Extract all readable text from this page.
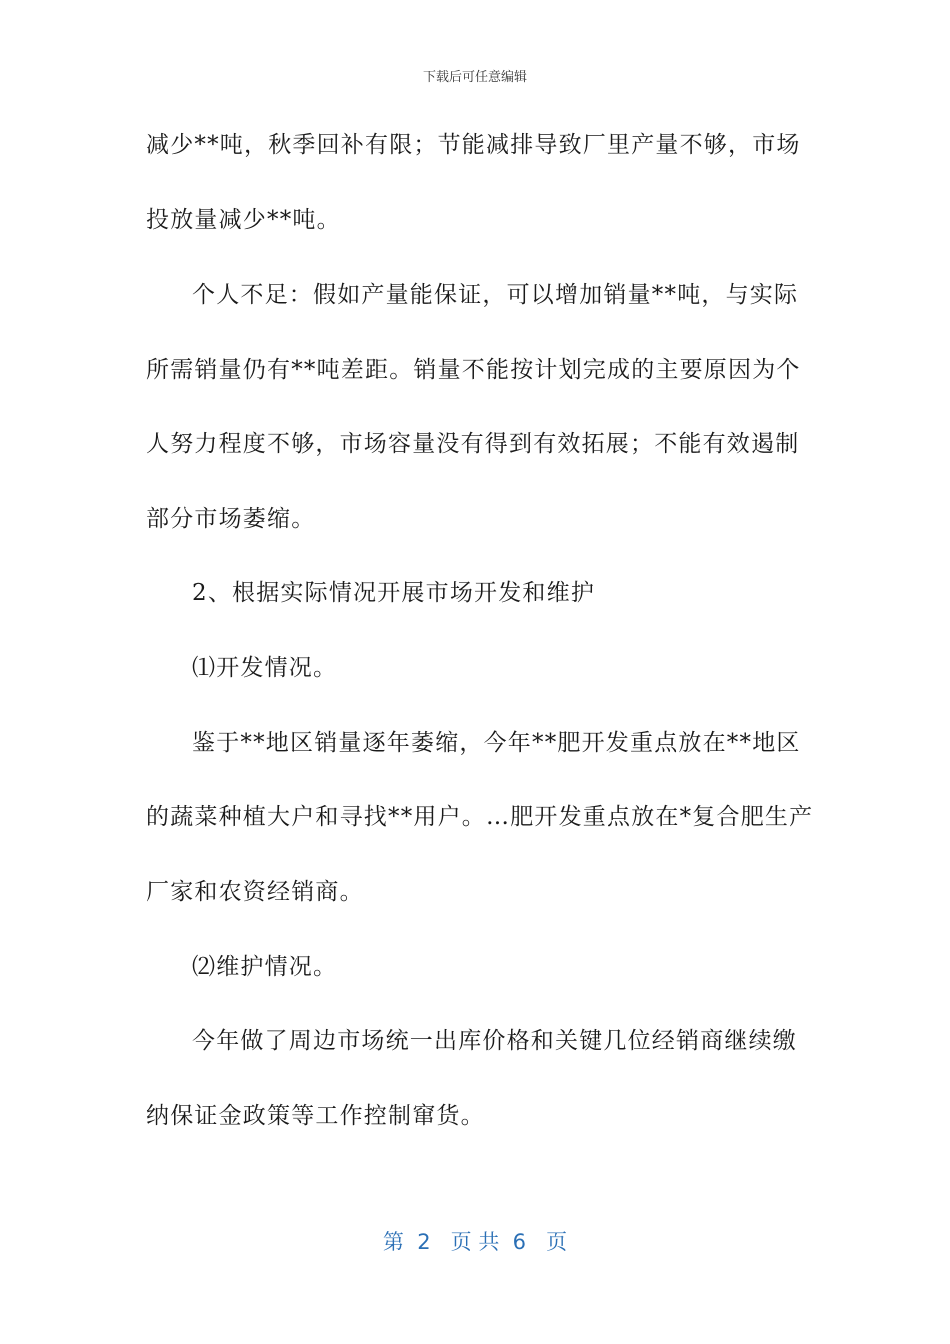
下载后可任意编辑
减少**吨，秋季回补有限；节能减排导致厂里产量不够，市场
投放量减少**吨。
个人不足：假如产量能保证，可以增加销量**吨，与实际
所需销量仍有**吨差距。销量不能按计划完成的主要原因为个
人努力程度不够，市场容量没有得到有效拓展；不能有效遏制
部分市场萎缩。
2、根据实际情况开展市场开发和维护
⑴开发情况。
鉴于**地区销量逐年萎缩，今年**肥开发重点放在**地区
的蔬菜种植大户和寻找**用户。…肥开发重点放在*复合肥生产
厂家和农资经销商。
⑵维护情况。
今年做了周边市场统一出库价格和关键几位经销商继续缴
纳保证金政策等工作控制窜货。
第  2   页 共  6   页
